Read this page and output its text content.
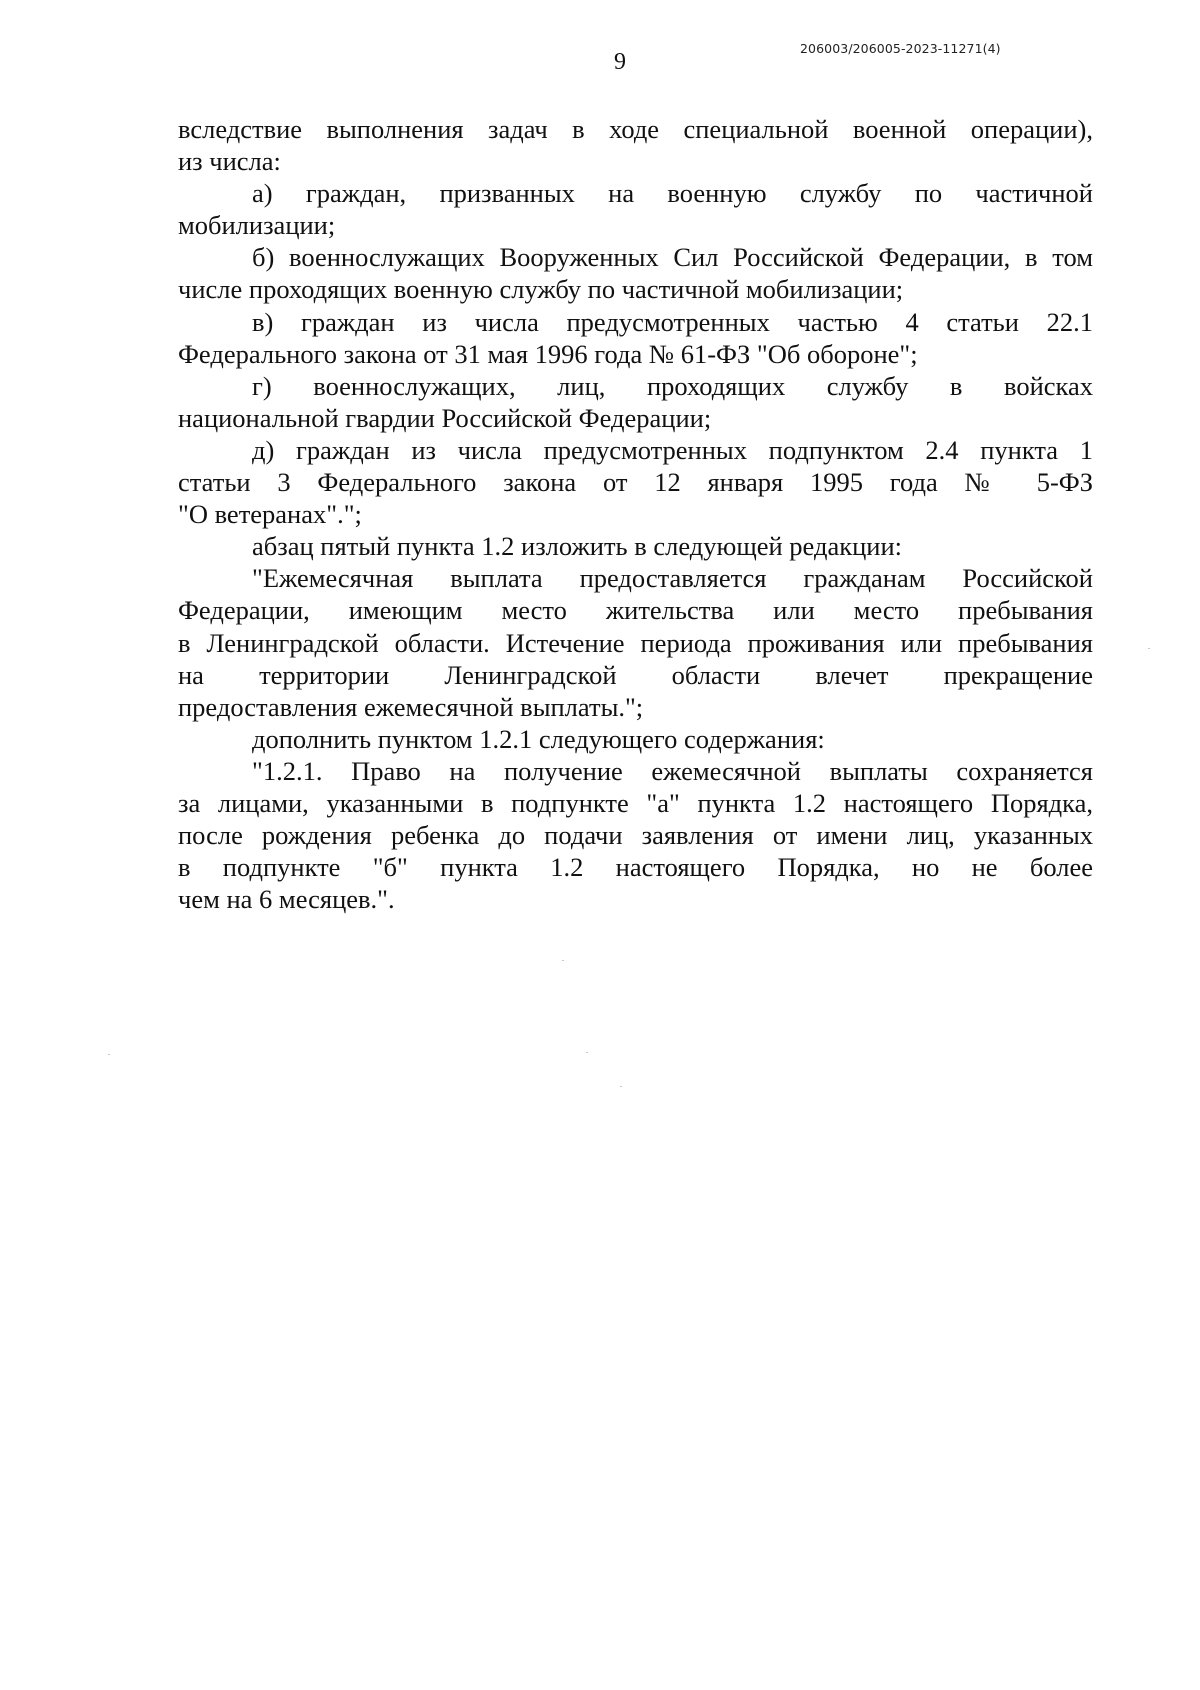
9
206003/206005-2023-11271(4)

вследствие выполнения задач в ходе специальной военной операции),
из числа:

а) граждан, призванных на военную службу по частичной
мобилизации;

б) военнослужащих Вооруженных Сил Российской Федерации, в том
числе проходящих военную службу по частичной мобилизации;

в) граждан из числа предусмотренных частью 4 статьи 22.1
Федерального закона от 31 мая 1996 года № 61-ФЗ "Об обороне";

г) военнослужащих, лиц, проходящих службу в войсках
национальной гвардии Российской Федерации;

д) граждан из числа предусмотренных подпунктом 2.4 пункта 1
статьи 3 Федерального закона от 12 января 1995 года № 5-ФЗ
"О ветеранах".";

абзац пятый пункта 1.2 изложить в следующей редакции:

"Ежемесячная выплата предоставляется гражданам Российской
Федерации, имеющим место жительства или место пребывания
в Ленинградской области. Истечение периода проживания или пребывания
на территории Ленинградской области влечет прекращение
предоставления ежемесячной выплаты.";

дополнить пунктом 1.2.1 следующего содержания:

"1.2.1. Право на получение ежемесячной выплаты сохраняется
за лицами, указанными в подпункте "а" пункта 1.2 настоящего Порядка,
после рождения ребенка до подачи заявления от имени лиц, указанных
в подпункте "б" пункта 1.2 настоящего Порядка, но не более
чем на 6 месяцев.".
